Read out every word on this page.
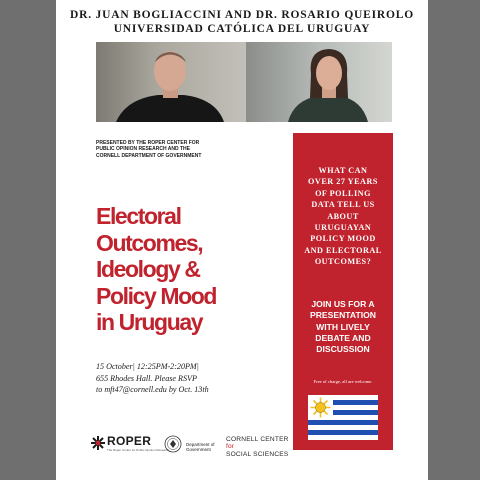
DR. JUAN BOGLIACCINI AND DR. ROSARIO QUEIROLO
UNIVERSIDAD CATÓLICA DEL URUGUAY
PRESENTED BY THE ROPER CENTER FOR
PUBLIC OPINION RESEARCH AND THE
CORNELL DEPARTMENT OF GOVERNMENT
Electoral
Outcomes,
Ideology &
Policy Mood
in Uruguay
15 October| 12:25PM-2:20PM|
655 Rhodes Hall. Please RSVP
to mft47@cornell.edu by Oct. 13th
WHAT CAN
OVER 27 YEARS
OF POLLING
DATA TELL US
ABOUT
URUGUAYAN
POLICY MOOD
AND ELECTORAL
OUTCOMES?
JOIN US FOR A
PRESENTATION
WITH LIVELY
DEBATE AND
DISCUSSION
Free of charge, all are welcome.
ROPER
The Roper Center for Public Opinion Research
Department of
Government
CORNELL CENTER for
SOCIAL SCIENCES
